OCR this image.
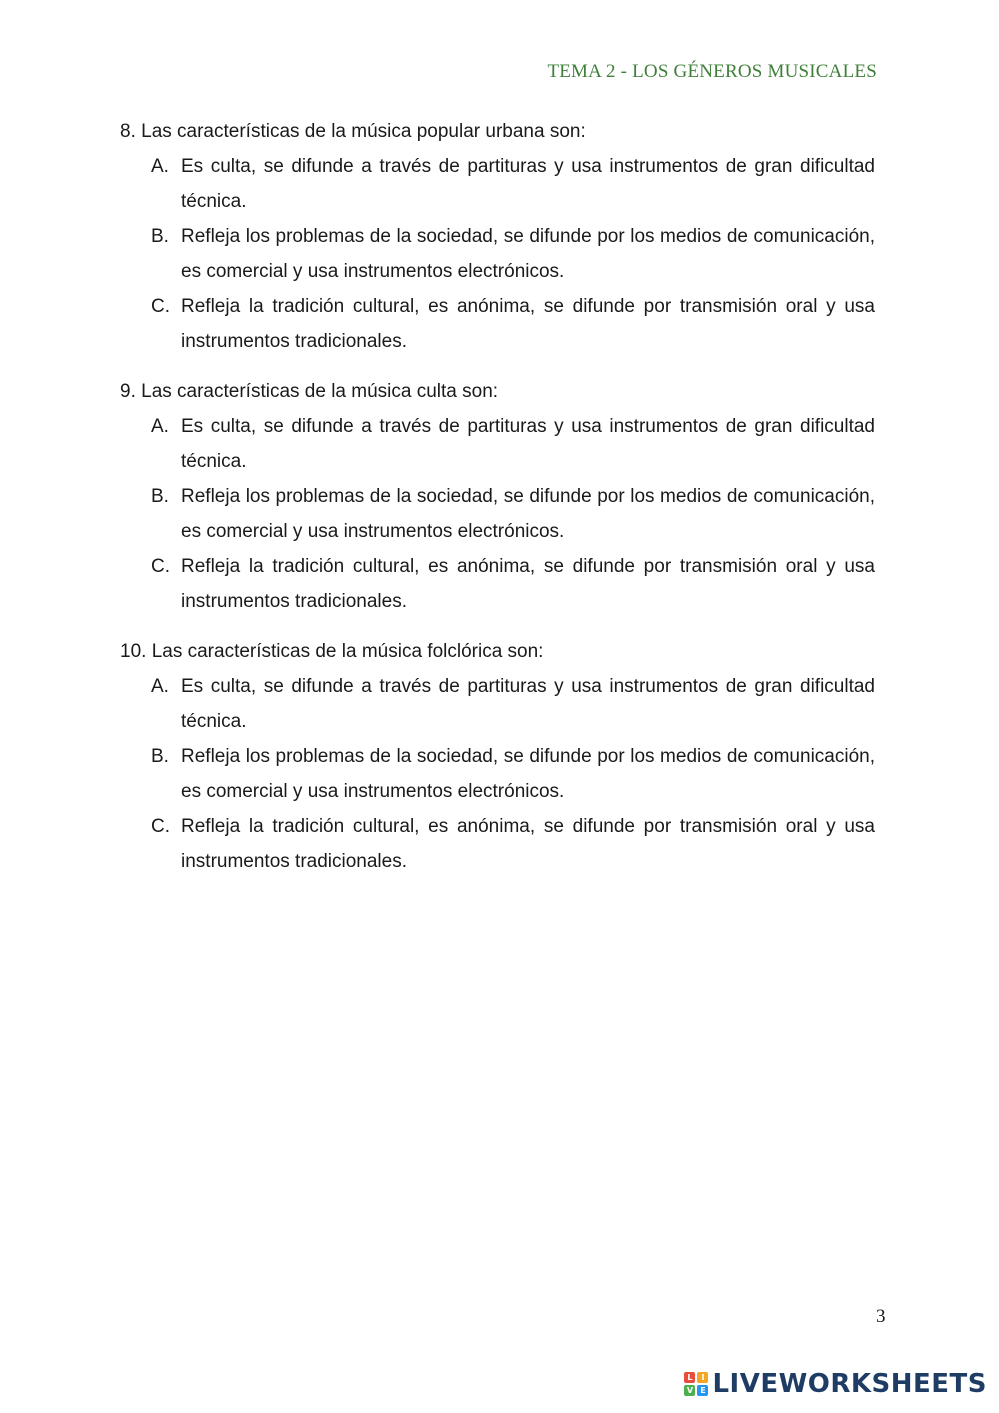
TEMA 2 - LOS GÉNEROS MUSICALES
8. Las características de la música popular urbana son:
A. Es culta, se difunde a través de partituras y usa instrumentos de gran dificultad técnica.
B. Refleja los problemas de la sociedad, se difunde por los medios de comunicación, es comercial y usa instrumentos electrónicos.
C. Refleja la tradición cultural, es anónima, se difunde por transmisión oral y usa instrumentos tradicionales.
9. Las características de la música culta son:
A. Es culta, se difunde a través de partituras y usa instrumentos de gran dificultad técnica.
B. Refleja los problemas de la sociedad, se difunde por los medios de comunicación, es comercial y usa instrumentos electrónicos.
C. Refleja la tradición cultural, es anónima, se difunde por transmisión oral y usa instrumentos tradicionales.
10. Las características de la música folclórica son:
A. Es culta, se difunde a través de partituras y usa instrumentos de gran dificultad técnica.
B. Refleja los problemas de la sociedad, se difunde por los medios de comunicación, es comercial y usa instrumentos electrónicos.
C. Refleja la tradición cultural, es anónima, se difunde por transmisión oral y usa instrumentos tradicionales.
3
L	I
V E LIVEWORKSHEETS
